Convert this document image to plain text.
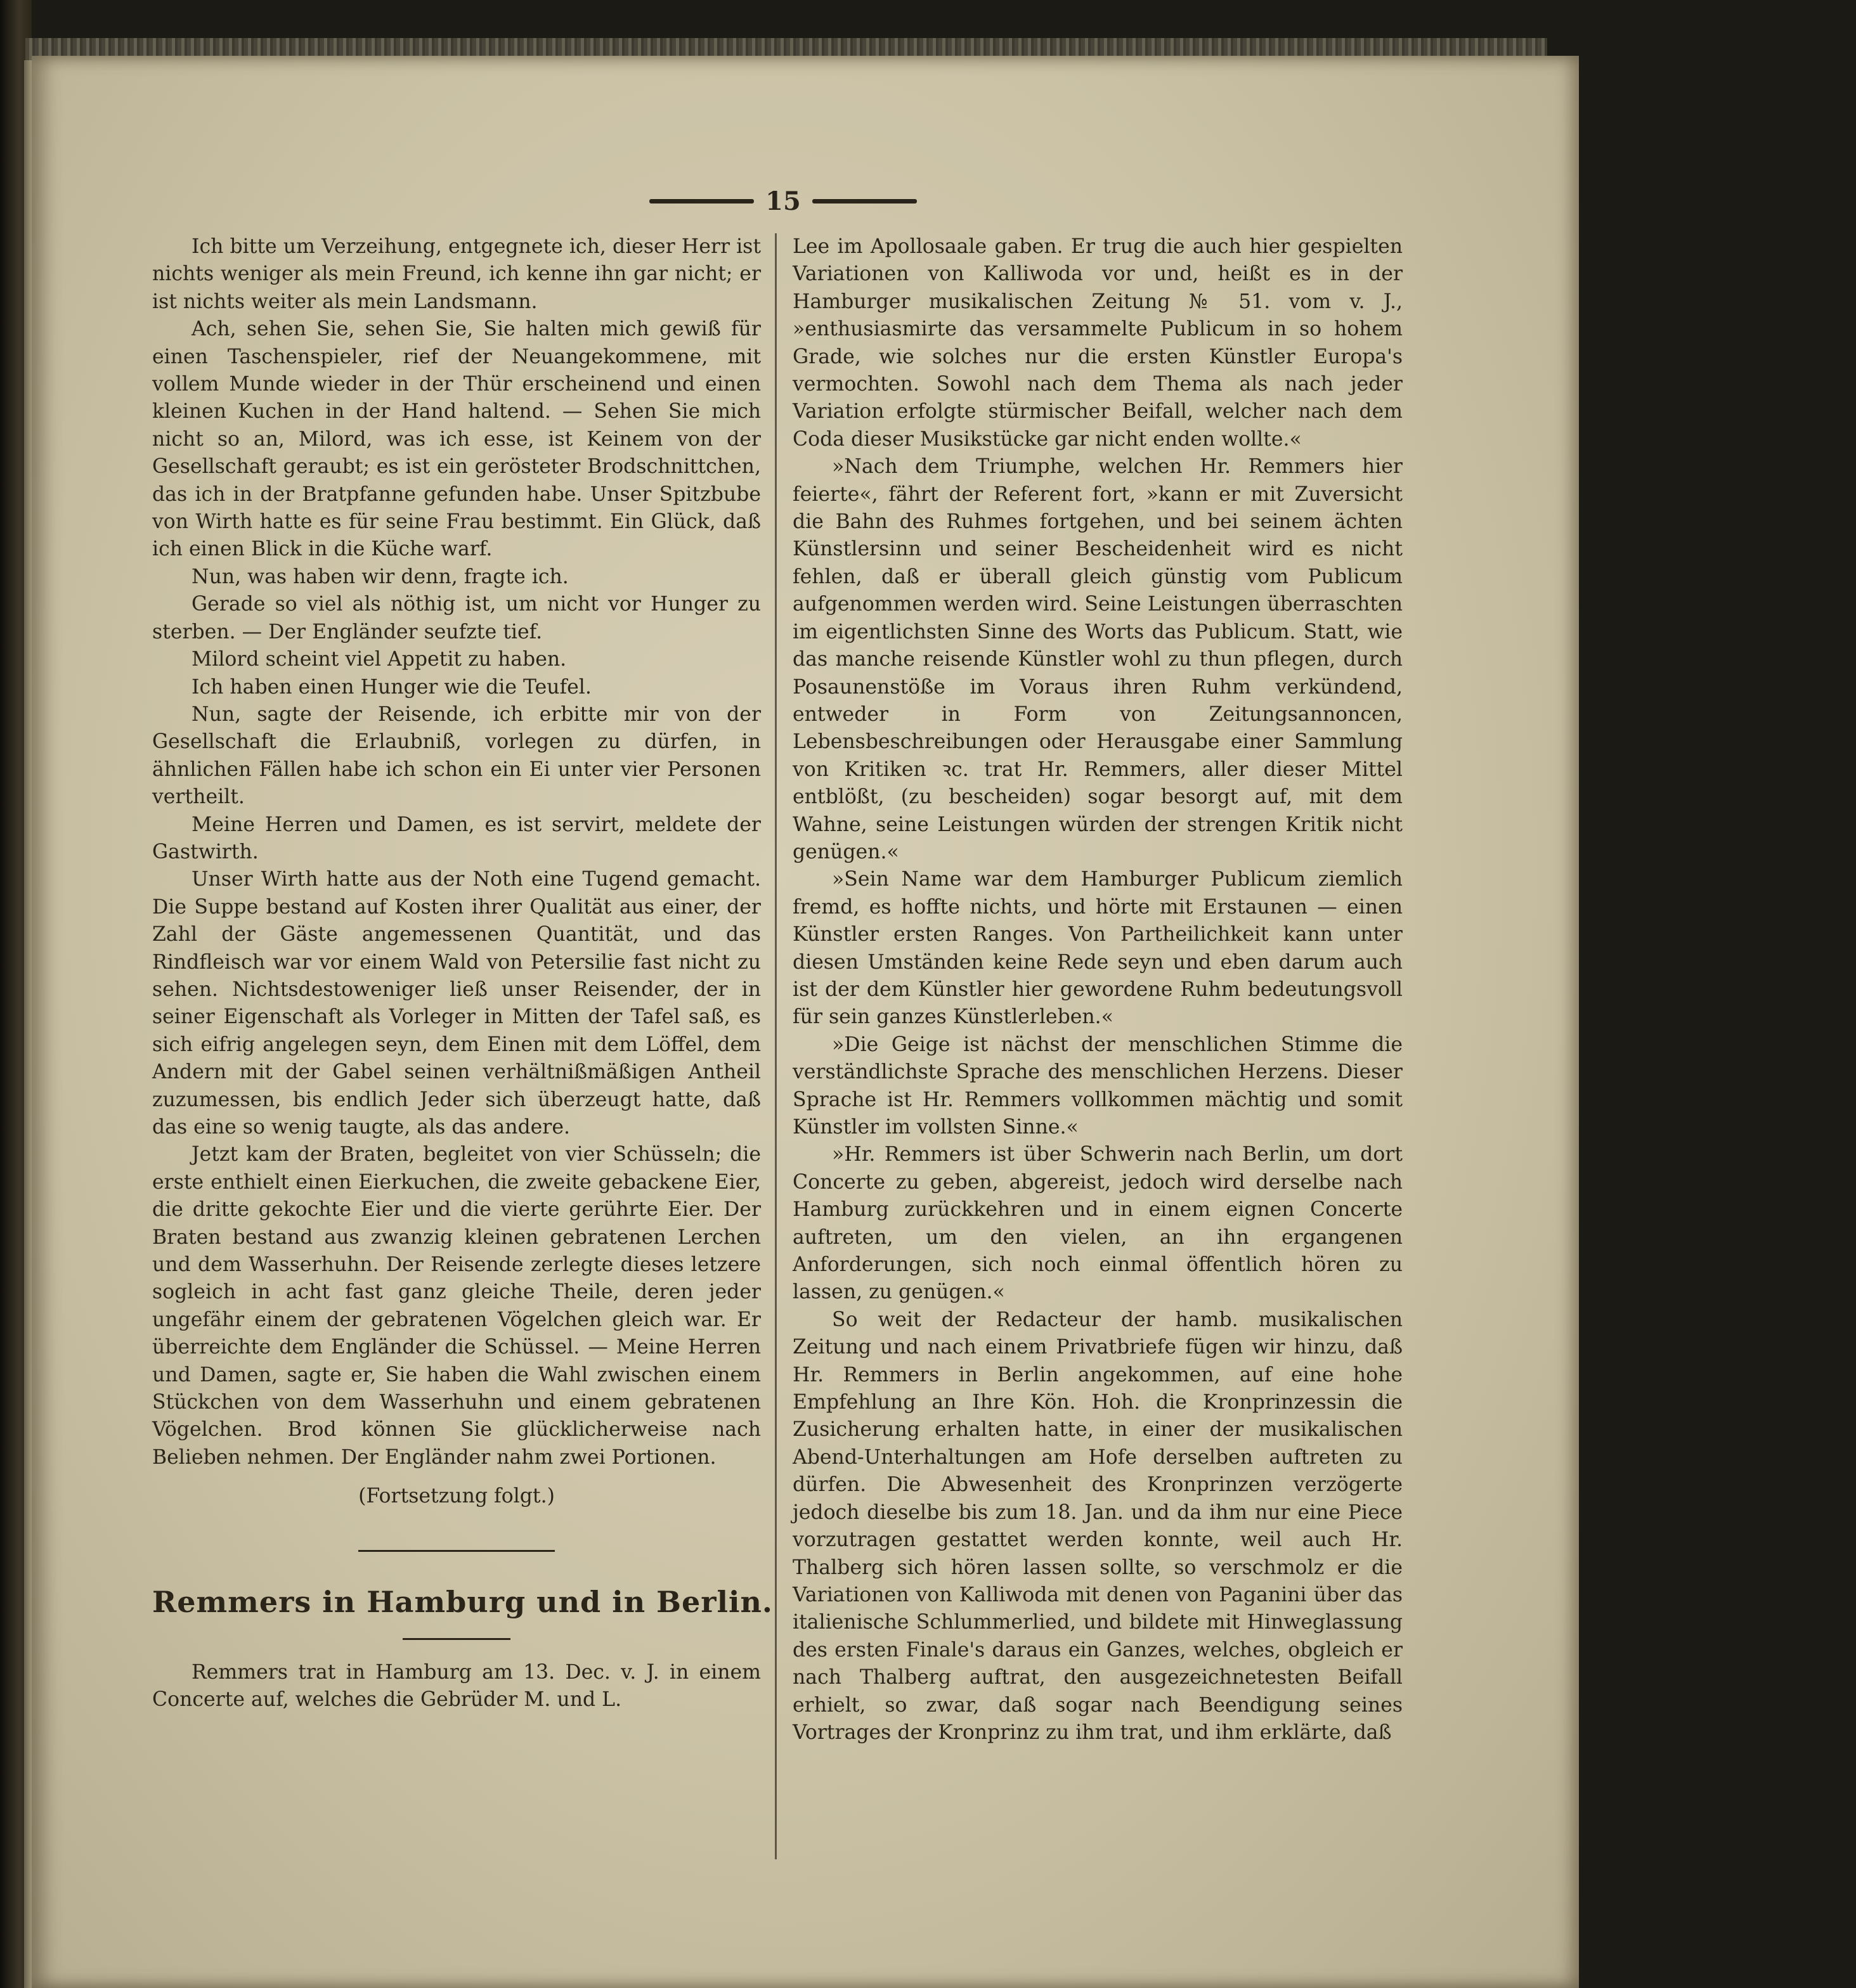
15

Ich bitte um Verzeihung, entgegnete ich, dieser Herr ist nichts weniger als mein Freund, ich kenne ihn gar nicht; er ist nichts weiter als mein Landsmann.

Ach, sehen Sie, sehen Sie, Sie halten mich gewiß für einen Taschenspieler, rief der Neuangekommene, mit vollem Munde wieder in der Thür erscheinend und einen kleinen Kuchen in der Hand haltend. — Sehen Sie mich nicht so an, Milord, was ich esse, ist Keinem von der Gesellschaft geraubt; es ist ein gerösteter Brodschnittchen, das ich in der Bratpfanne gefunden habe. Unser Spitzbube von Wirth hatte es für seine Frau bestimmt. Ein Glück, daß ich einen Blick in die Küche warf.

Nun, was haben wir denn, fragte ich.

Gerade so viel als nöthig ist, um nicht vor Hunger zu sterben. — Der Engländer seufzte tief.

Milord scheint viel Appetit zu haben.

Ich haben einen Hunger wie die Teufel.

Nun, sagte der Reisende, ich erbitte mir von der Gesellschaft die Erlaubniß, vorlegen zu dürfen, in ähnlichen Fällen habe ich schon ein Ei unter vier Personen vertheilt.

Meine Herren und Damen, es ist servirt, meldete der Gastwirth.

Unser Wirth hatte aus der Noth eine Tugend gemacht. Die Suppe bestand auf Kosten ihrer Qualität aus einer, der Zahl der Gäste angemessenen Quantität, und das Rindfleisch war vor einem Wald von Petersilie fast nicht zu sehen. Nichtsdestoweniger ließ unser Reisender, der in seiner Eigenschaft als Vorleger in Mitten der Tafel saß, es sich eifrig angelegen seyn, dem Einen mit dem Löffel, dem Andern mit der Gabel seinen verhältnißmäßigen Antheil zuzumessen, bis endlich Jeder sich überzeugt hatte, daß das eine so wenig taugte, als das andere.

Jetzt kam der Braten, begleitet von vier Schüsseln; die erste enthielt einen Eierkuchen, die zweite gebackene Eier, die dritte gekochte Eier und die vierte gerührte Eier. Der Braten bestand aus zwanzig kleinen gebratenen Lerchen und dem Wasserhuhn. Der Reisende zerlegte dieses letzere sogleich in acht fast ganz gleiche Theile, deren jeder ungefähr einem der gebratenen Vögelchen gleich war. Er überreichte dem Engländer die Schüssel. — Meine Herren und Damen, sagte er, Sie haben die Wahl zwischen einem Stückchen von dem Wasserhuhn und einem gebratenen Vögelchen. Brod können Sie glücklicherweise nach Belieben nehmen. Der Engländer nahm zwei Portionen.

(Fortsetzung folgt.)

Remmers in Hamburg und in Berlin.

Remmers trat in Hamburg am 13. Dec. v. J. in einem Concerte auf, welches die Gebrüder M. und L.

Lee im Apollosaale gaben. Er trug die auch hier gespielten Variationen von Kalliwoda vor und, heißt es in der Hamburger musikalischen Zeitung № 51. vom v. J., »enthusiasmirte das versammelte Publicum in so hohem Grade, wie solches nur die ersten Künstler Europa's vermochten. Sowohl nach dem Thema als nach jeder Variation erfolgte stürmischer Beifall, welcher nach dem Coda dieser Musikstücke gar nicht enden wollte.«

»Nach dem Triumphe, welchen Hr. Remmers hier feierte«, fährt der Referent fort, »kann er mit Zuversicht die Bahn des Ruhmes fortgehen, und bei seinem ächten Künstlersinn und seiner Bescheidenheit wird es nicht fehlen, daß er überall gleich günstig vom Publicum aufgenommen werden wird. Seine Leistungen überraschten im eigentlichsten Sinne des Worts das Publicum. Statt, wie das manche reisende Künstler wohl zu thun pflegen, durch Posaunenstöße im Voraus ihren Ruhm verkündend, entweder in Form von Zeitungsannoncen, Lebensbeschreibungen oder Herausgabe einer Sammlung von Kritiken ꝛc. trat Hr. Remmers, aller dieser Mittel entblößt, (zu bescheiden) sogar besorgt auf, mit dem Wahne, seine Leistungen würden der strengen Kritik nicht genügen.«

»Sein Name war dem Hamburger Publicum ziemlich fremd, es hoffte nichts, und hörte mit Erstaunen — einen Künstler ersten Ranges. Von Partheilichkeit kann unter diesen Umständen keine Rede seyn und eben darum auch ist der dem Künstler hier gewordene Ruhm bedeutungsvoll für sein ganzes Künstlerleben.«

»Die Geige ist nächst der menschlichen Stimme die verständlichste Sprache des menschlichen Herzens. Dieser Sprache ist Hr. Remmers vollkommen mächtig und somit Künstler im vollsten Sinne.«

»Hr. Remmers ist über Schwerin nach Berlin, um dort Concerte zu geben, abgereist, jedoch wird derselbe nach Hamburg zurückkehren und in einem eignen Concerte auftreten, um den vielen, an ihn ergangenen Anforderungen, sich noch einmal öffentlich hören zu lassen, zu genügen.«

So weit der Redacteur der hamb. musikalischen Zeitung und nach einem Privatbriefe fügen wir hinzu, daß Hr. Remmers in Berlin angekommen, auf eine hohe Empfehlung an Ihre Kön. Hoh. die Kronprinzessin die Zusicherung erhalten hatte, in einer der musikalischen Abend-Unterhaltungen am Hofe derselben auftreten zu dürfen. Die Abwesenheit des Kronprinzen verzögerte jedoch dieselbe bis zum 18. Jan. und da ihm nur eine Piece vorzutragen gestattet werden konnte, weil auch Hr. Thalberg sich hören lassen sollte, so verschmolz er die Variationen von Kalliwoda mit denen von Paganini über das italienische Schlummerlied, und bildete mit Hinweglassung des ersten Finale's daraus ein Ganzes, welches, obgleich er nach Thalberg auftrat, den ausgezeichnetesten Beifall erhielt, so zwar, daß sogar nach Beendigung seines Vortrages der Kronprinz zu ihm trat, und ihm erklärte, daß
